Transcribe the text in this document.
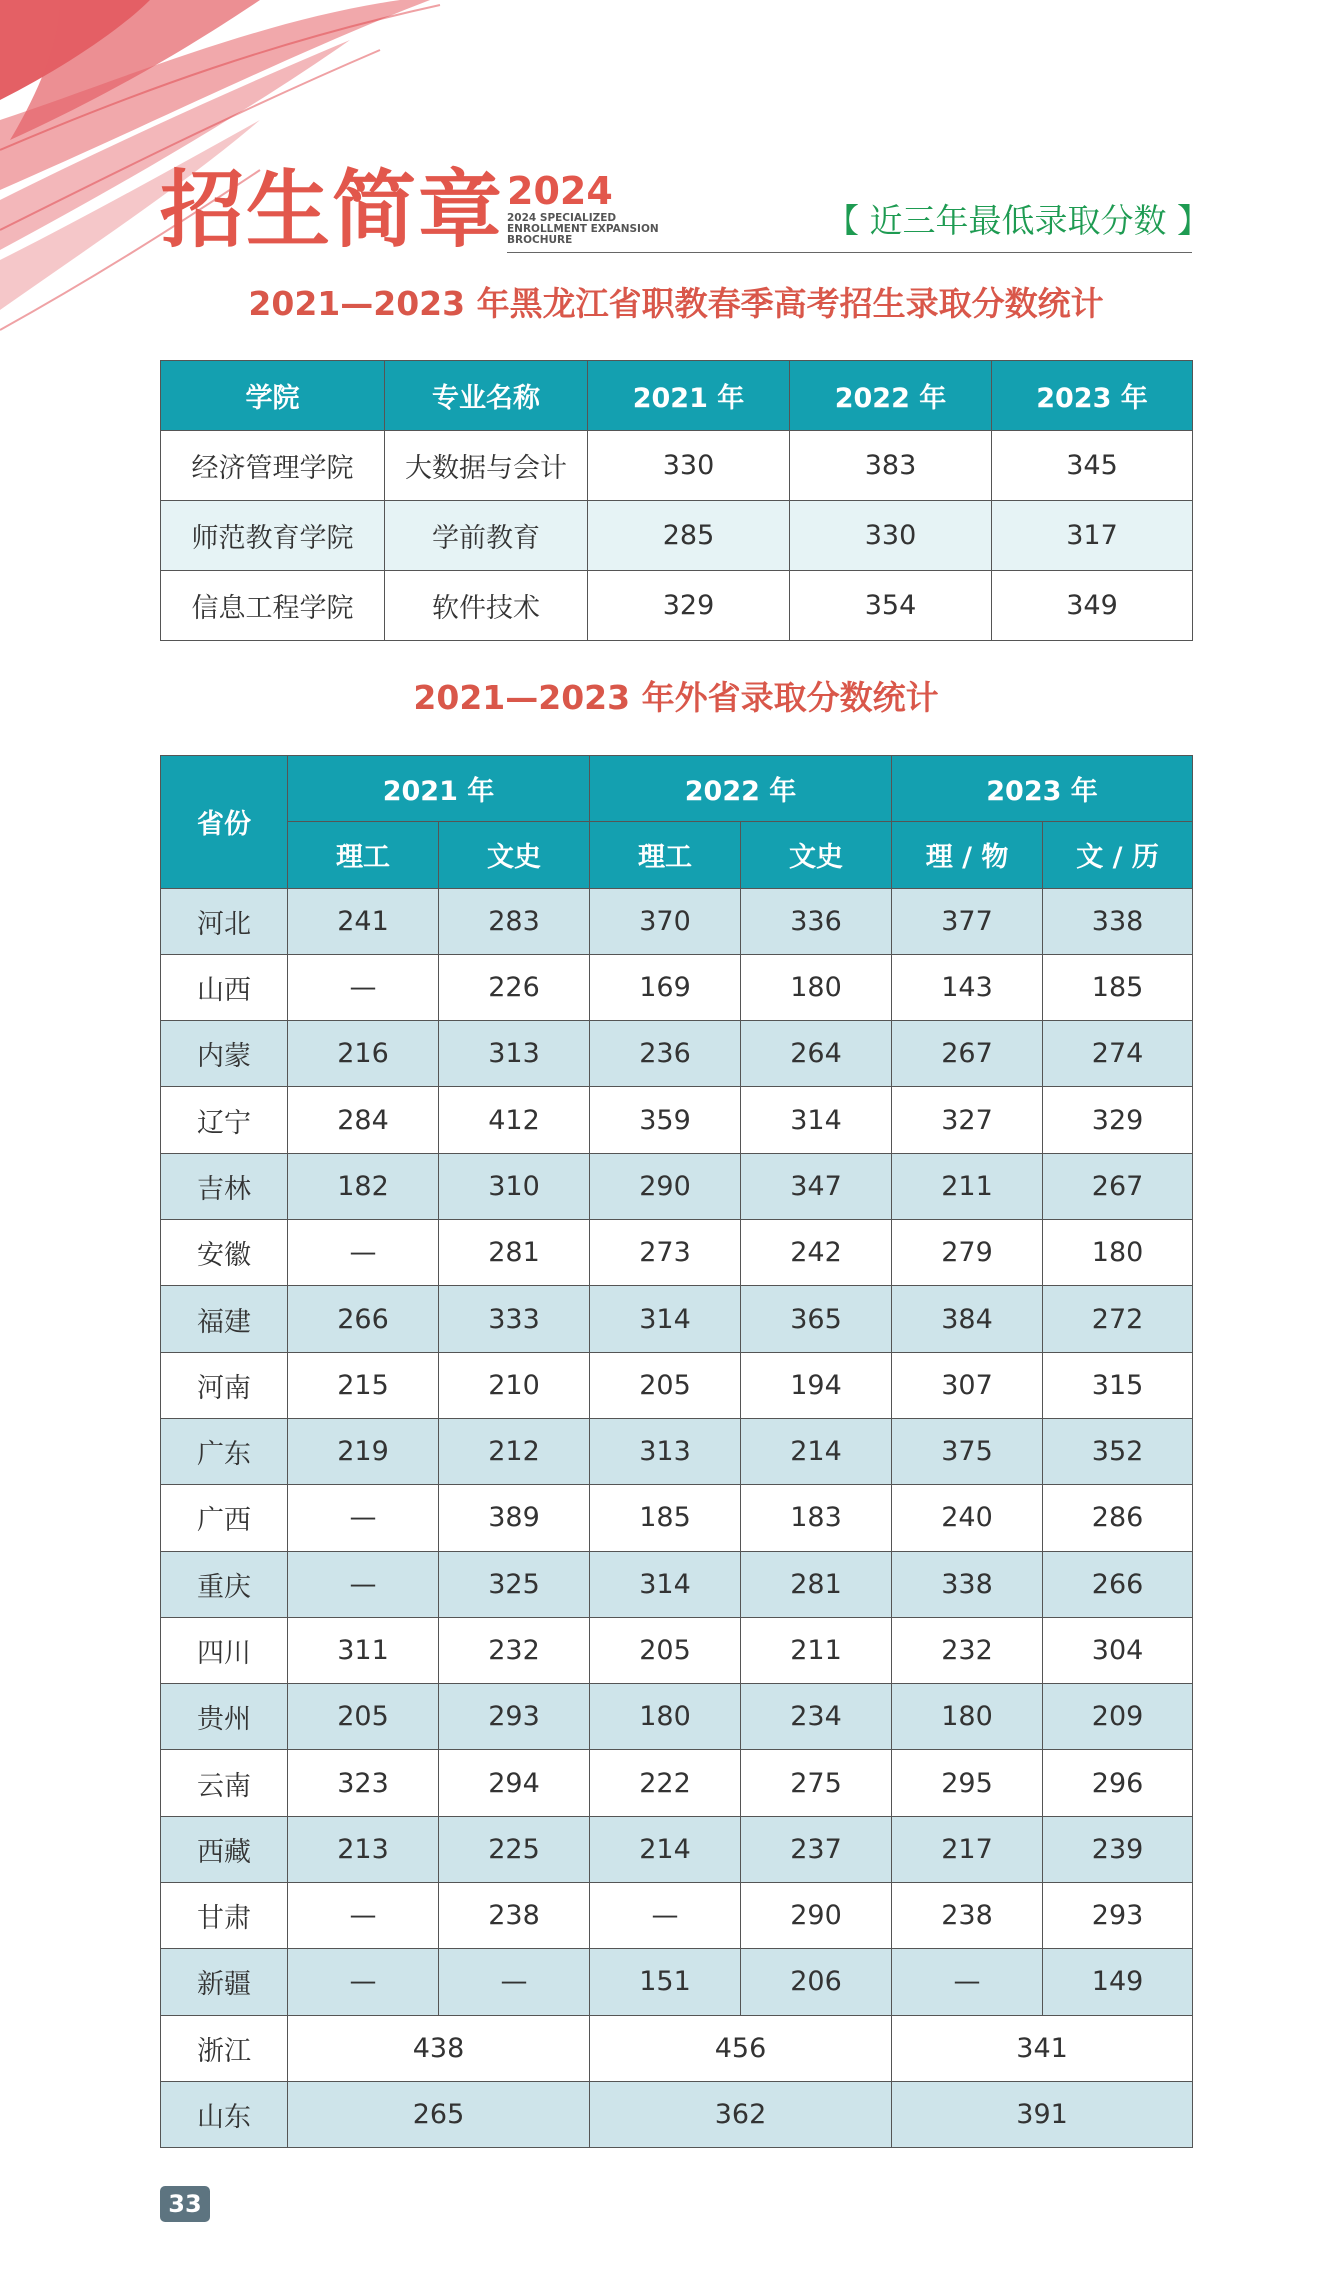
招生简章 2024
2024 SPECIALIZED
ENROLLMENT EXPANSION
BROCHURE	【 近三年最低录取分数 】
2021—2023 年黑龙江省职教春季高考招生录取分数统计
学院	专业名称	2021 年	2022 年	2023 年
经济管理学院	大数据与会计	330	383	345
师范教育学院	学前教育	285	330	317
信息工程学院	软件技术	329	354	349
2021—2023 年外省录取分数统计
省份	2021 年		2022 年		2023 年	
	理工	文史	理工	文史	理 / 物	文 / 历
河北	241	283	370	336	377	338
山西	—	226	169	180	143	185
内蒙	216	313	236	264	267	274
辽宁	284	412	359	314	327	329
吉林	182	310	290	347	211	267
安徽	—	281	273	242	279	180
福建	266	333	314	365	384	272
河南	215	210	205	194	307	315
广东	219	212	313	214	375	352
广西	—	389	185	183	240	286
重庆	—	325	314	281	338	266
四川	311	232	205	211	232	304
贵州	205	293	180	234	180	209
云南	323	294	222	275	295	296
西藏	213	225	214	237	217	239
甘肃	—	238	—	290	238	293
新疆	—	—	151	206	—	149
浙江	438		456		341	
山东	265		362		391	
33
